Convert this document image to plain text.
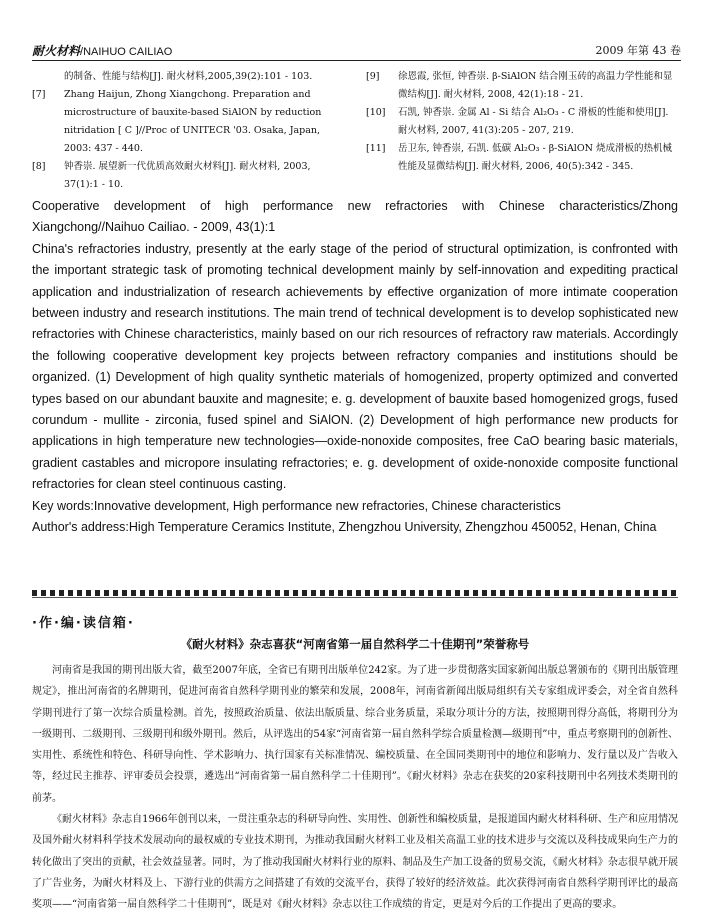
耐火材料/NAIHUO CAILIAO	2009 年第 43 卷
的制备、性能与结构[J]. 耐火材料,2005,39(2):101 - 103.
[7]	Zhang Haijun, Zhong Xiangchong. Preparation and microstructure of bauxite-based SiAlON by reduction nitridation [ C ]//Proc of UNITECR '03. Osaka, Japan, 2003: 437 - 440.
[8]	钟香崇. 展望新一代优质高效耐火材料[J]. 耐火材料, 2003, 37(1):1 - 10.
[9]	徐恩霞, 张恒, 钟香崇. β-SiAlON 结合刚玉砖的高温力学性能和显微结构[J]. 耐火材料, 2008, 42(1):18 - 21.
[10]	石凯, 钟香崇. 金属 Al - Si 结合 Al₂O₃ - C 滑板的性能和使用[J]. 耐火材料, 2007, 41(3):205 - 207, 219.
[11]	岳卫东, 钟香崇, 石凯. 低碳 Al₂O₃ - β-SiAlON 烧成滑板的热机械性能及显微结构[J]. 耐火材料, 2006, 40(5):342 - 345.

Cooperative development of high performance new refractories with Chinese characteristics/Zhong Xiangchong//Naihuo Cailiao. - 2009, 43(1):1

China's refractories industry, presently at the early stage of the period of structural optimization, is confronted with the important strategic task of promoting technical development mainly by self-innovation and expediting practical application and industrialization of research achievements by effective organization of more intimate cooperation between industry and research institutions. The main trend of technical development is to develop sophisticated new refractories with Chinese characteristics, mainly based on our rich resources of refractory raw materials. Accordingly the following cooperative development key projects between refractory companies and institutions should be organized. (1) Development of high quality synthetic materials of homogenized, property optimized and converted types based on our abundant bauxite and magnesite; e. g. development of bauxite based homogenized grogs, fused corundum - mullite - zirconia, fused spinel and SiAlON. (2) Development of high performance new products for applications in high temperature new technologies—oxide-nonoxide composites, free CaO bearing basic materials, gradient castables and micropore insulating refractories; e. g. development of oxide-nonoxide composite functional refractories for clean steel continuous casting.

Key words:Innovative development, High performance new refractories, Chinese characteristics

Author's address:High Temperature Ceramics Institute, Zhengzhou University, Zhengzhou 450052, Henan, China

·作·编·读信箱·
《耐火材料》杂志喜获“河南省第一届自然科学二十佳期刊”荣誉称号

河南省是我国的期刊出版大省，截至2007年底，全省已有期刊出版单位242家。为了进一步贯彻落实国家新闻出版总署颁布的《期刊出版管理规定》，推出河南省的名牌期刊，促进河南省自然科学期刊业的繁荣和发展，2008年，河南省新闻出版局组织有关专家组成评委会，对全省自然科学期刊进行了第一次综合质量检测。首先，按照政治质量、依法出版质量、综合业务质量，采取分项计分的方法，按照期刊得分高低，将期刊分为一级期刊、二级期刊、三级期刊和级外期刊。然后，从评选出的54家“河南省第一届自然科学综合质量检测—级期刊”中，重点考察期刊的创新性、实用性、系统性和特色、科研导向性、学术影响力、执行国家有关标准情况、编校质量、在全国同类期刊中的地位和影响力、发行量以及广告收入等，经过民主推荐、评审委员会投票，遴选出“河南省第一届自然科学二十佳期刊”。《耐火材料》杂志在获奖的20家科技期刊中名列技术类期刊的前茅。

《耐火材料》杂志自1966年创刊以来，一贯注重杂志的科研导向性、实用性、创新性和编校质量，是报道国内耐火材料科研、生产和应用情况及国外耐火材料科学技术发展动向的最权威的专业技术期刊，为推动我国耐火材料工业及相关高温工业的技术进步与交流以及科技成果向生产力的转化做出了突出的贡献，社会效益显著。同时，为了推动我国耐火材料行业的原料、制品及生产加工设备的贸易交流，《耐火材料》杂志很早就开展了广告业务，为耐火材料及上、下游行业的供需方之间搭建了有效的交流平台，获得了较好的经济效益。此次获得河南省自然科学期刊评比的最高奖项——“河南省第一届自然科学二十佳期刊”，既是对《耐火材料》杂志以往工作成绩的肯定，更是对今后的工作提出了更高的要求。
